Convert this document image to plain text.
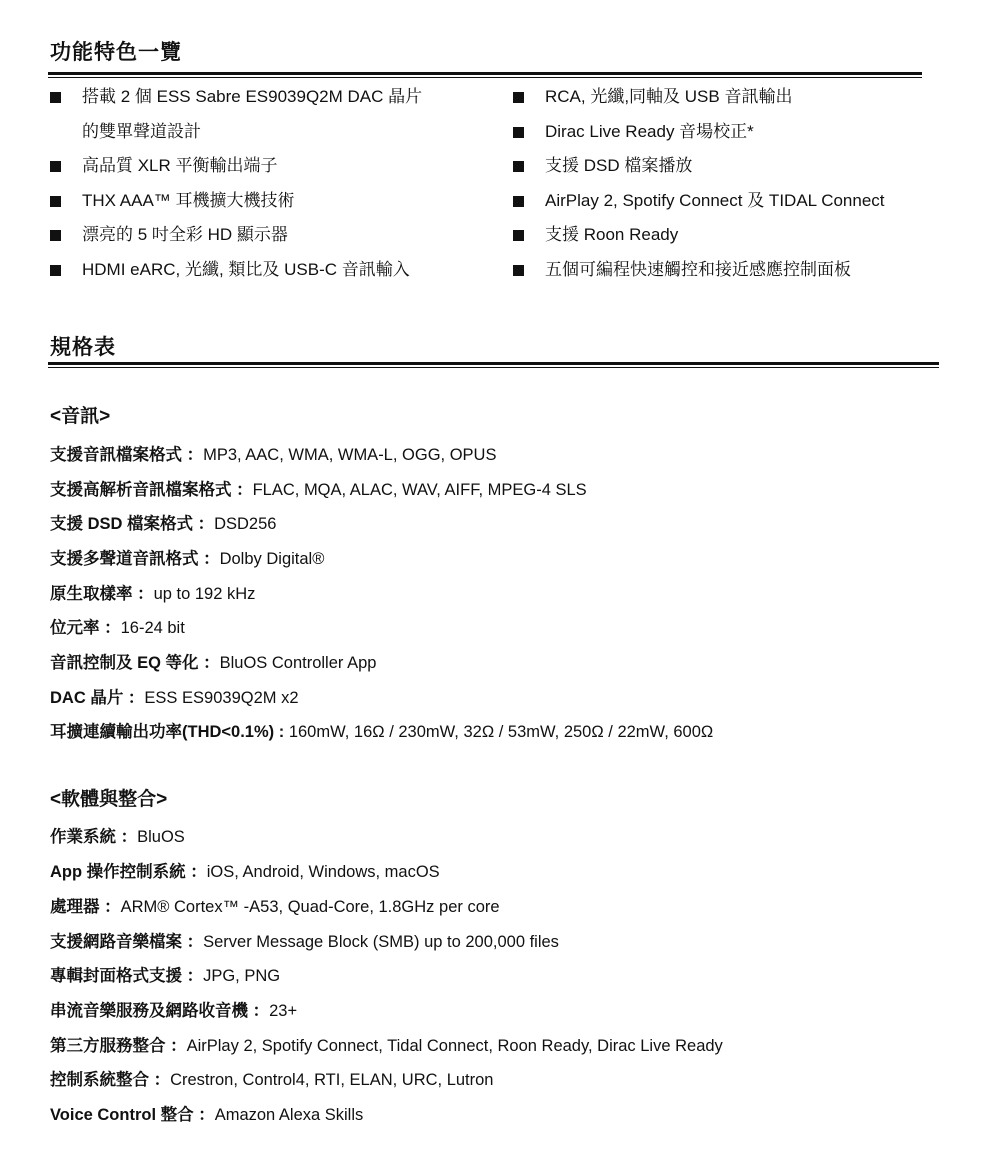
功能特色一覽
搭載 2 個 ESS Sabre ES9039Q2M DAC 晶片
的雙單聲道設計
高品質 XLR 平衡輸出端子
THX AAA™ 耳機擴大機技術
漂亮的 5 吋全彩 HD 顯示器
HDMI eARC, 光纖, 類比及 USB-C 音訊輸入
RCA, 光纖,同軸及 USB 音訊輸出
Dirac Live Ready 音場校正*
支援 DSD 檔案播放
AirPlay 2, Spotify Connect 及 TIDAL Connect
支援 Roon Ready
五個可編程快速觸控和接近感應控制面板
規格表
<音訊>
支援音訊檔案格式 ：MP3, AAC, WMA, WMA-L, OGG, OPUS
支援高解析音訊檔案格式 ：FLAC, MQA, ALAC, WAV, AIFF, MPEG-4 SLS
支援 DSD 檔案格式 ：DSD256
支援多聲道音訊格式 ：Dolby Digital®
原生取樣率 ：up to 192 kHz
位元率 ：16-24 bit
音訊控制及 EQ 等化 ：BluOS Controller App
DAC 晶片 ：ESS ES9039Q2M x2
耳擴連續輸出功率(THD<0.1%) : 160mW, 16Ω / 230mW, 32Ω / 53mW, 250Ω / 22mW, 600Ω
<軟體與整合>
作業系統 ：BluOS
App 操作控制系統 ：iOS, Android, Windows, macOS
處理器 ：ARM® Cortex™ -A53, Quad-Core, 1.8GHz per core
支援網路音樂檔案 ：Server Message Block (SMB) up to 200,000 files
專輯封面格式支援 ：JPG, PNG
串流音樂服務及網路收音機 ：23+
第三方服務整合 ：AirPlay 2, Spotify Connect, Tidal Connect, Roon Ready, Dirac Live Ready
控制系統整合 ：Crestron, Control4, RTI, ELAN, URC, Lutron
Voice Control 整合 ：Amazon Alexa Skills
